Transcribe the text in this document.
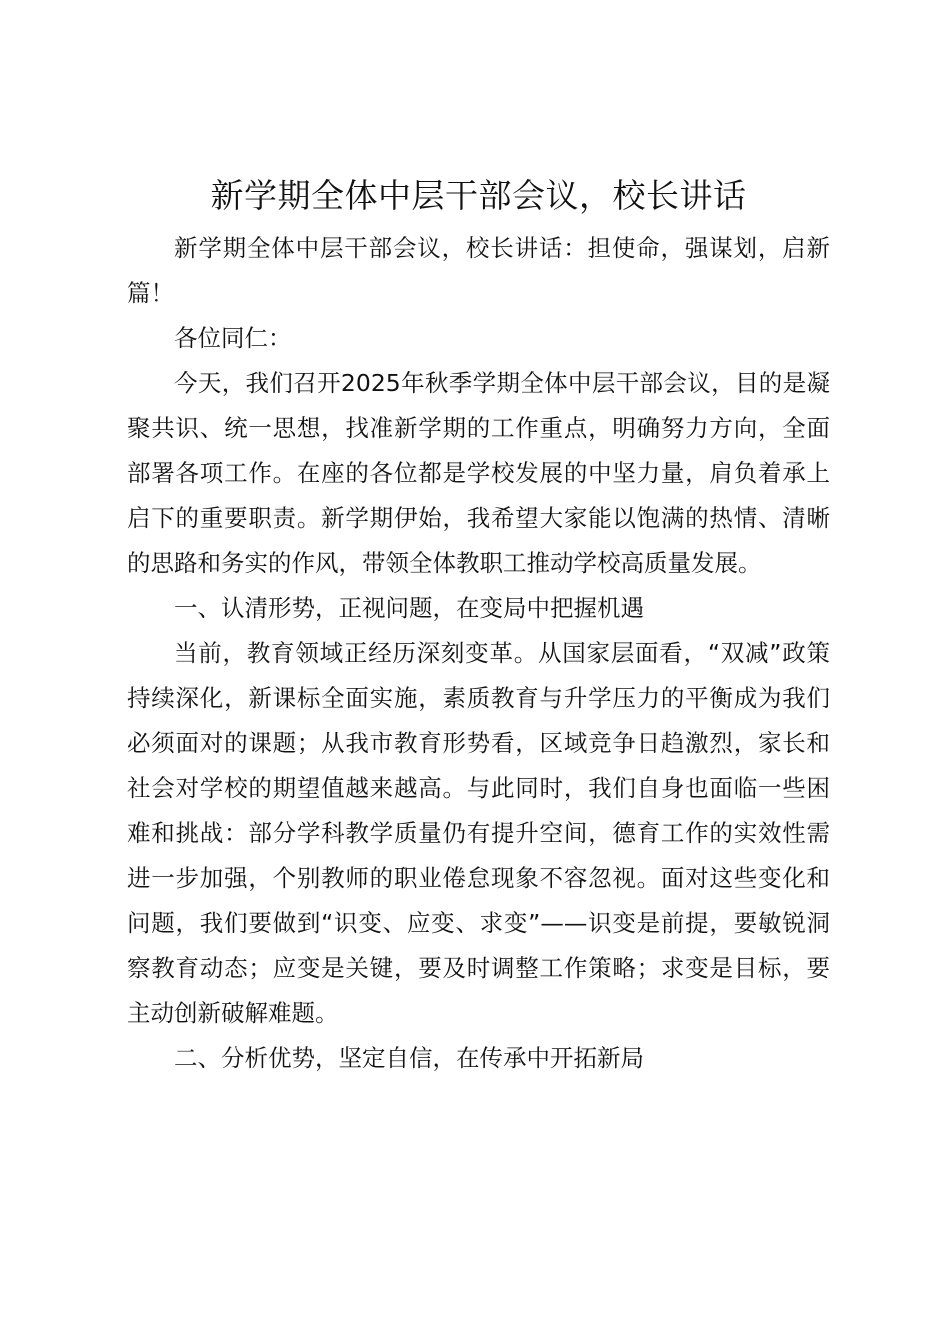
新学期全体中层干部会议，校长讲话

新学期全体中层干部会议，校长讲话：担使命，强谋划，启新篇！

各位同仁：

今天，我们召开2025年秋季学期全体中层干部会议，目的是凝聚共识、统一思想，找准新学期的工作重点，明确努力方向，全面部署各项工作。在座的各位都是学校发展的中坚力量，肩负着承上启下的重要职责。新学期伊始，我希望大家能以饱满的热情、清晰的思路和务实的作风，带领全体教职工推动学校高质量发展。

一、认清形势，正视问题，在变局中把握机遇

当前，教育领域正经历深刻变革。从国家层面看，“双减”政策持续深化，新课标全面实施，素质教育与升学压力的平衡成为我们必须面对的课题；从我市教育形势看，区域竞争日趋激烈，家长和社会对学校的期望值越来越高。与此同时，我们自身也面临一些困难和挑战：部分学科教学质量仍有提升空间，德育工作的实效性需进一步加强，个别教师的职业倦怠现象不容忽视。面对这些变化和问题，我们要做到“识变、应变、求变”——识变是前提，要敏锐洞察教育动态；应变是关键，要及时调整工作策略；求变是目标，要主动创新破解难题。

二、分析优势，坚定自信，在传承中开拓新局
